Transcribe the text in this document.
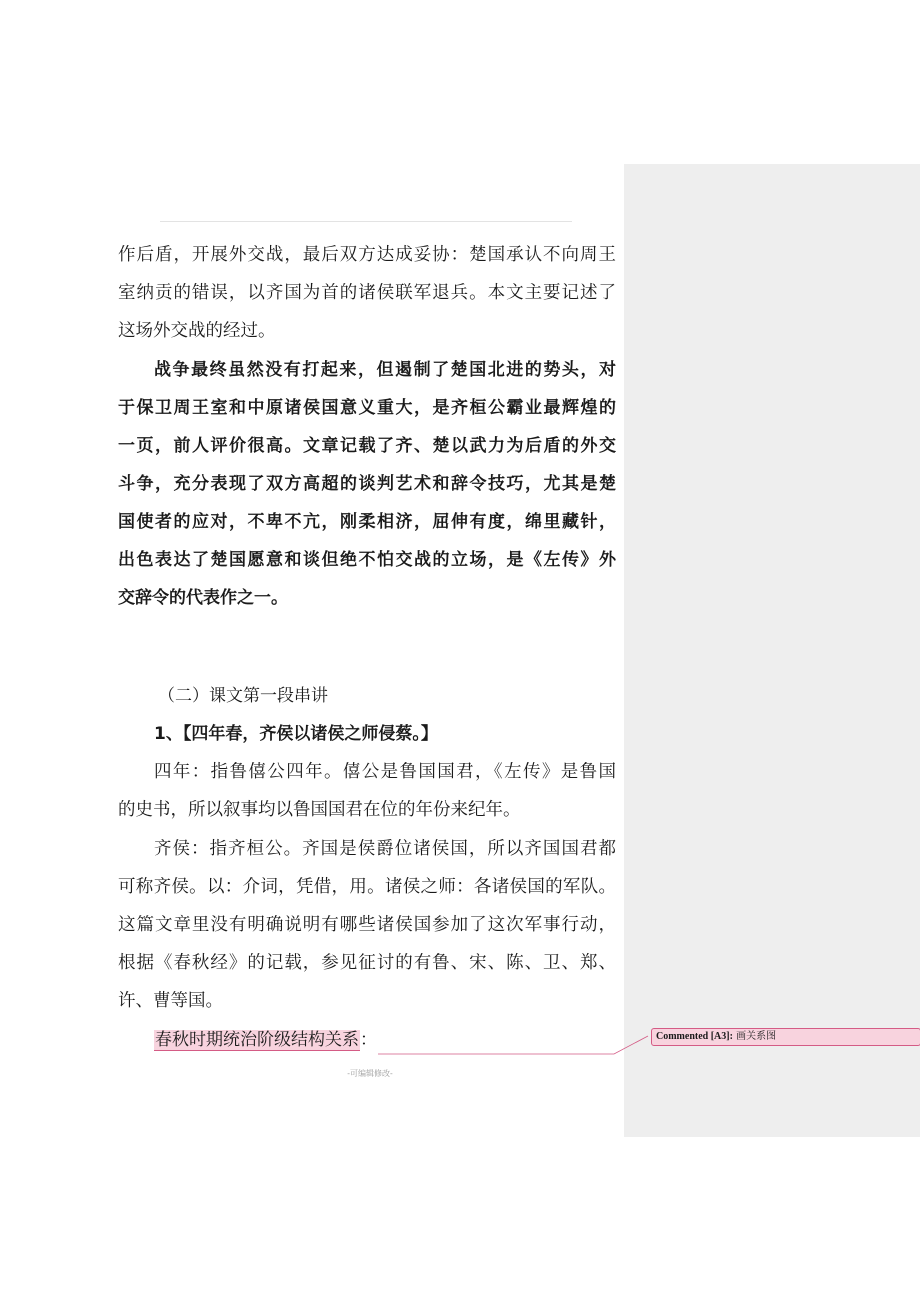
作后盾，开展外交战，最后双方达成妥协：楚国承认不向周王
室纳贡的错误，以齐国为首的诸侯联军退兵。本文主要记述了
这场外交战的经过。
战争最终虽然没有打起来，但遏制了楚国北进的势头，对
于保卫周王室和中原诸侯国意义重大，是齐桓公霸业最辉煌的
一页，前人评价很高。文章记载了齐、楚以武力为后盾的外交
斗争，充分表现了双方高超的谈判艺术和辞令技巧，尤其是楚
国使者的应对，不卑不亢，刚柔相济，屈伸有度，绵里藏针，
出色表达了楚国愿意和谈但绝不怕交战的立场，是《左传》外
交辞令的代表作之一。
（二）课文第一段串讲
1、【四年春，齐侯以诸侯之师侵蔡。】
四年：指鲁僖公四年。僖公是鲁国国君，《左传》是鲁国
的史书，所以叙事均以鲁国国君在位的年份来纪年。
齐侯：指齐桓公。齐国是侯爵位诸侯国，所以齐国国君都
可称齐侯。以：介词，凭借，用。诸侯之师：各诸侯国的军队。
这篇文章里没有明确说明有哪些诸侯国参加了这次军事行动，
根据《春秋经》的记载，参见征讨的有鲁、宋、陈、卫、郑、
许、曹等国。
春秋时期统治阶级结构关系：
-可编辑修改-
Commented [A3]: 画关系图
